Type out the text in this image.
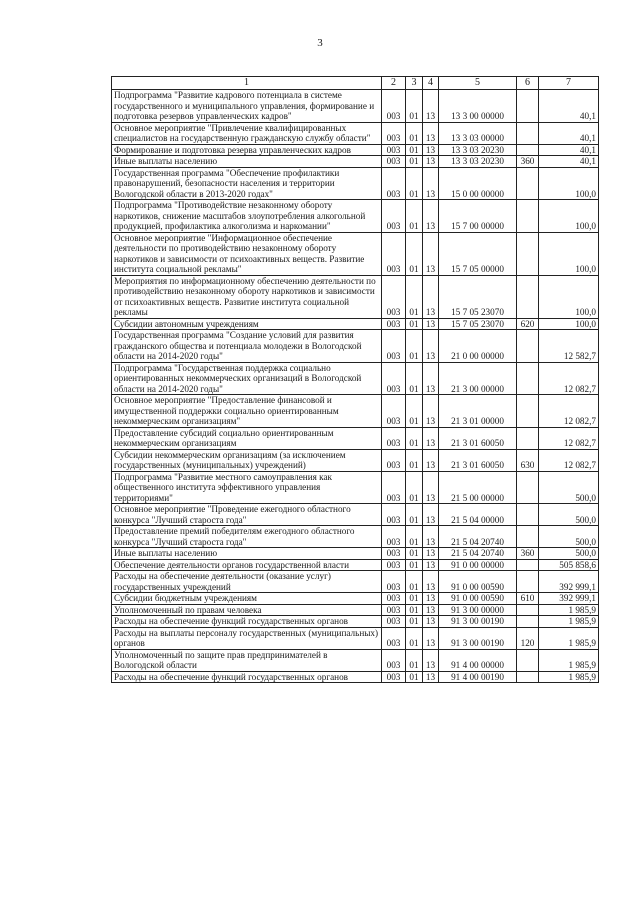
3
1	2	3	4	5	6	7
Подпрограмма "Развитие кадрового потенциала в системе государственного и муниципального управления, формирование и подготовка резервов управленческих кадров"	003	01	13	13 3 00 00000		40,1
Основное мероприятие "Привлечение квалифицированных специалистов на государственную гражданскую службу области"	003	01	13	13 3 03 00000		40,1
Формирование и подготовка резерва управленческих кадров	003	01	13	13 3 03 20230		40,1
Иные выплаты населению	003	01	13	13 3 03 20230	360	40,1
Государственная программа "Обеспечение профилактики правонарушений, безопасности населения и территории Вологодской области в 2013-2020 годах"	003	01	13	15 0 00 00000		100,0
Подпрограмма "Противодействие незаконному обороту наркотиков, снижение масштабов злоупотребления алкогольной продукцией, профилактика алкоголизма и наркомании"	003	01	13	15 7 00 00000		100,0
Основное мероприятие "Информационное обеспечение деятельности по противодействию незаконному обороту наркотиков и зависимости от психоактивных веществ. Развитие института социальной рекламы"	003	01	13	15 7 05 00000		100,0
Мероприятия по информационному обеспечению деятельности по противодействию незаконному обороту наркотиков и зависимости от психоактивных веществ. Развитие института социальной рекламы	003	01	13	15 7 05 23070		100,0
Субсидии автономным учреждениям	003	01	13	15 7 05 23070	620	100,0
Государственная программа "Создание условий для развития гражданского общества и потенциала молодежи в Вологодской области на 2014-2020 годы"	003	01	13	21 0 00 00000		12 582,7
Подпрограмма "Государственная поддержка социально ориентированных некоммерческих организаций в Вологодской области на 2014-2020 годы"	003	01	13	21 3 00 00000		12 082,7
Основное мероприятие "Предоставление финансовой и имущественной поддержки социально ориентированным некоммерческим организациям"	003	01	13	21 3 01 00000		12 082,7
Предоставление субсидий социально ориентированным некоммерческим организациям	003	01	13	21 3 01 60050		12 082,7
Субсидии некоммерческим организациям (за исключением государственных (муниципальных) учреждений)	003	01	13	21 3 01 60050	630	12 082,7
Подпрограмма "Развитие местного самоуправления как общественного института эффективного управления территориями"	003	01	13	21 5 00 00000		500,0
Основное мероприятие "Проведение ежегодного областного конкурса "Лучший староста года"	003	01	13	21 5 04 00000		500,0
Предоставление премий победителям ежегодного областного конкурса "Лучший староста года"	003	01	13	21 5 04 20740		500,0
Иные выплаты населению	003	01	13	21 5 04 20740	360	500,0
Обеспечение деятельности органов государственной власти	003	01	13	91 0 00 00000		505 858,6
Расходы на обеспечение деятельности (оказание услуг) государственных учреждений	003	01	13	91 0 00 00590		392 999,1
Субсидии бюджетным учреждениям	003	01	13	91 0 00 00590	610	392 999,1
Уполномоченный по правам человека	003	01	13	91 3 00 00000		1 985,9
Расходы на обеспечение функций государственных органов	003	01	13	91 3 00 00190		1 985,9
Расходы на выплаты персоналу государственных (муниципальных) органов	003	01	13	91 3 00 00190	120	1 985,9
Уполномоченный по защите прав предпринимателей в Вологодской области	003	01	13	91 4 00 00000		1 985,9
Расходы на обеспечение функций государственных органов	003	01	13	91 4 00 00190		1 985,9
